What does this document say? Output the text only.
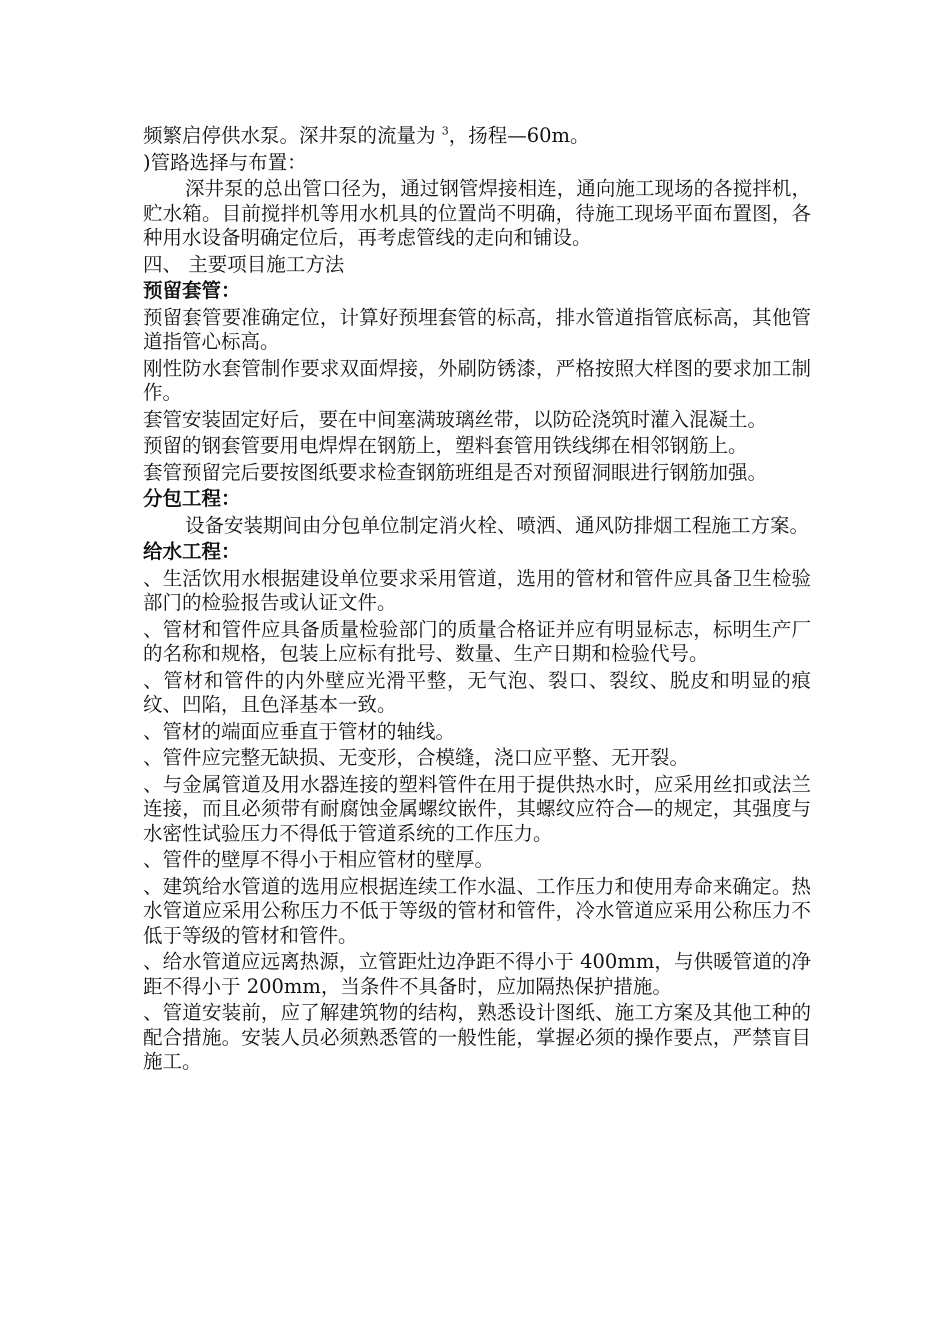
频繁启停供水泵。深井泵的流量为 $^3$，扬程—60m。

)管路选择与布置：

深井泵的总出管口径为，通过钢管焊接相连，通向施工现场的各搅拌机，贮水箱。目前搅拌机等用水机具的位置尚不明确，待施工现场平面布置图，各种用水设备明确定位后，再考虑管线的走向和铺设。

四、 主要项目施工方法

预留套管：

预留套管要准确定位，计算好预埋套管的标高，排水管道指管底标高，其他管道指管心标高。

刚性防水套管制作要求双面焊接，外刷防锈漆，严格按照大样图的要求加工制作。

套管安装固定好后，要在中间塞满玻璃丝带，以防砼浇筑时灌入混凝土。

预留的钢套管要用电焊焊在钢筋上，塑料套管用铁线绑在相邻钢筋上。

套管预留完后要按图纸要求检查钢筋班组是否对预留洞眼进行钢筋加强。

分包工程：

设备安装期间由分包单位制定消火栓、喷洒、通风防排烟工程施工方案。

给水工程：

、生活饮用水根据建设单位要求采用管道，选用的管材和管件应具备卫生检验部门的检验报告或认证文件。

、管材和管件应具备质量检验部门的质量合格证并应有明显标志，标明生产厂的名称和规格，包装上应标有批号、数量、生产日期和检验代号。

、管材和管件的内外壁应光滑平整，无气泡、裂口、裂纹、脱皮和明显的痕纹、凹陷，且色泽基本一致。

、管材的端面应垂直于管材的轴线。

、管件应完整无缺损、无变形，合模缝，浇口应平整、无开裂。

、与金属管道及用水器连接的塑料管件在用于提供热水时，应采用丝扣或法兰连接，而且必须带有耐腐蚀金属螺纹嵌件，其螺纹应符合—的规定，其强度与水密性试验压力不得低于管道系统的工作压力。

、管件的壁厚不得小于相应管材的壁厚。

、建筑给水管道的选用应根据连续工作水温、工作压力和使用寿命来确定。热水管道应采用公称压力不低于等级的管材和管件，冷水管道应采用公称压力不低于等级的管材和管件。

、给水管道应远离热源，立管距灶边净距不得小于 400mm，与供暖管道的净距不得小于 200mm，当条件不具备时，应加隔热保护措施。

、管道安装前，应了解建筑物的结构，熟悉设计图纸、施工方案及其他工种的配合措施。安装人员必须熟悉管的一般性能，掌握必须的操作要点，严禁盲目施工。
